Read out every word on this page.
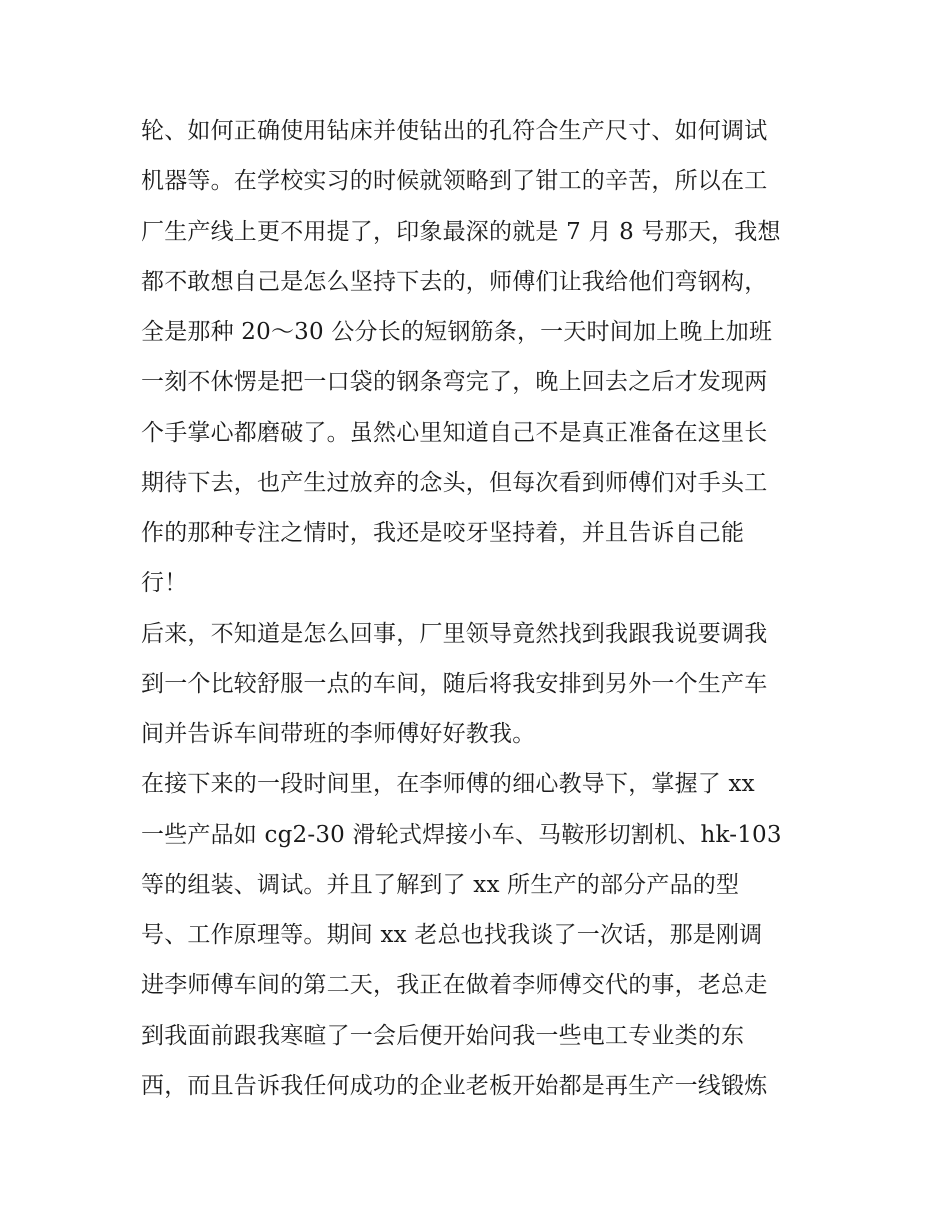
轮、如何正确使用钻床并使钻出的孔符合生产尺寸、如何调试
机器等。在学校实习的时候就领略到了钳工的辛苦，所以在工
厂生产线上更不用提了，印象最深的就是 7 月 8 号那天，我想
都不敢想自己是怎么坚持下去的，师傅们让我给他们弯钢构，
全是那种 20～30 公分长的短钢筋条，一天时间加上晚上加班
一刻不休愣是把一口袋的钢条弯完了，晚上回去之后才发现两
个手掌心都磨破了。虽然心里知道自己不是真正准备在这里长
期待下去，也产生过放弃的念头，但每次看到师傅们对手头工
作的那种专注之情时，我还是咬牙坚持着，并且告诉自己能
行！
后来，不知道是怎么回事，厂里领导竟然找到我跟我说要调我
到一个比较舒服一点的车间，随后将我安排到另外一个生产车
间并告诉车间带班的李师傅好好教我。
在接下来的一段时间里，在李师傅的细心教导下，掌握了 xx
一些产品如 cg2-30 滑轮式焊接小车、马鞍形切割机、hk-103
等的组装、调试。并且了解到了 xx 所生产的部分产品的型
号、工作原理等。期间 xx 老总也找我谈了一次话，那是刚调
进李师傅车间的第二天，我正在做着李师傅交代的事，老总走
到我面前跟我寒暄了一会后便开始问我一些电工专业类的东
西，而且告诉我任何成功的企业老板开始都是再生产一线锻炼
